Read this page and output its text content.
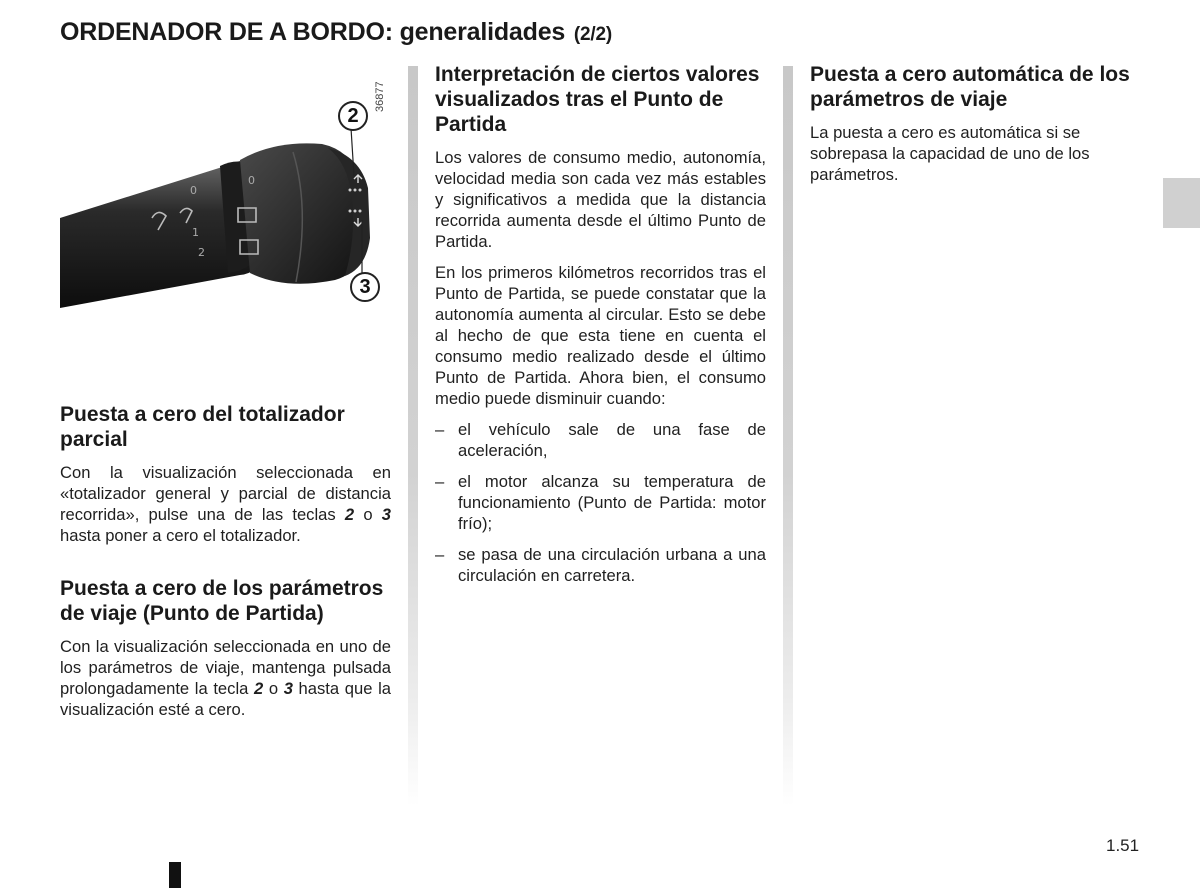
ORDENADOR DE A BORDO: generalidades (2/2)
0
1
2
0
36877
2
3
Puesta a cero del totalizador parcial

Con la visualización seleccionada en «totalizador general y parcial de distancia recorrida», pulse una de las teclas 2 o 3 hasta poner a cero el totalizador.

Puesta a cero de los parámetros de viaje (Punto de Partida)

Con la visualización seleccionada en uno de los parámetros de viaje, mantenga pulsada prolongadamente la tecla 2 o 3 hasta que la visualización esté a cero.

Interpretación de ciertos valores visualizados tras el Punto de Partida

Los valores de consumo medio, autonomía, velocidad media son cada vez más estables y significativos a medida que la distancia recorrida aumenta desde el último Punto de Partida.

En los primeros kilómetros recorridos tras el Punto de Partida, se puede constatar que la autonomía aumenta al circular. Esto se debe al hecho de que esta tiene en cuenta el consumo medio realizado desde el último Punto de Partida. Ahora bien, el consumo medio puede disminuir cuando:

– el vehículo sale de una fase de aceleración,
– el motor alcanza su temperatura de funcionamiento (Punto de Partida: motor frío);
– se pasa de una circulación urbana a una circulación en carretera.
Puesta a cero automática de los parámetros de viaje

La puesta a cero es automática si se sobrepasa la capacidad de uno de los parámetros.

1.51
